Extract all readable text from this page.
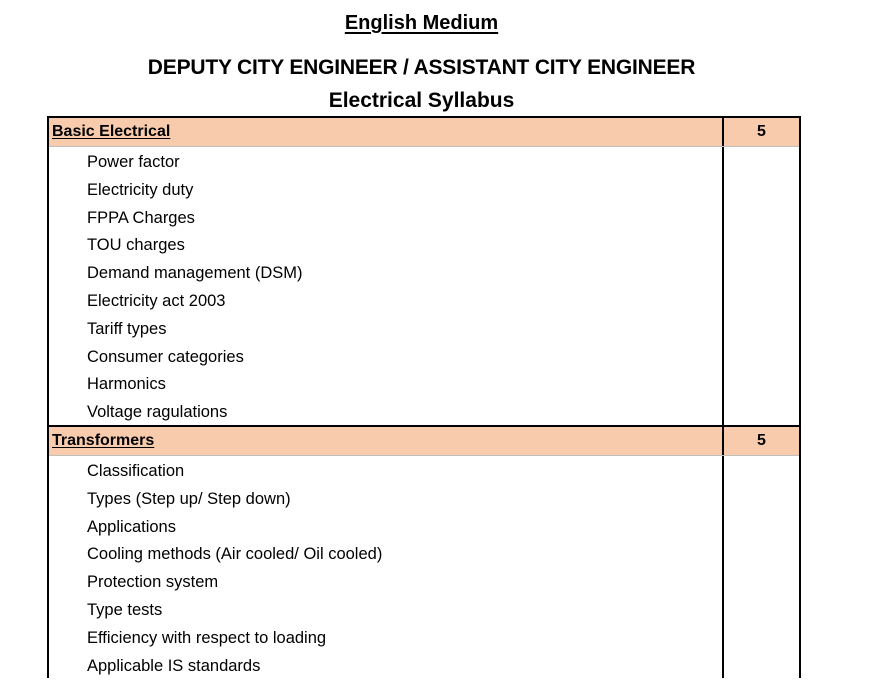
English Medium
DEPUTY CITY ENGINEER / ASSISTANT CITY ENGINEER
Electrical Syllabus
Basic Electrical	5
Power factor
Electricity duty
FPPA Charges
TOU charges
Demand management (DSM)
Electricity act 2003
Tariff types
Consumer categories
Harmonics
Voltage ragulations
Transformers	5
Classification
Types (Step up/ Step down)
Applications
Cooling methods (Air cooled/ Oil cooled)
Protection system
Type tests
Efficiency with respect to loading
Applicable IS standards
